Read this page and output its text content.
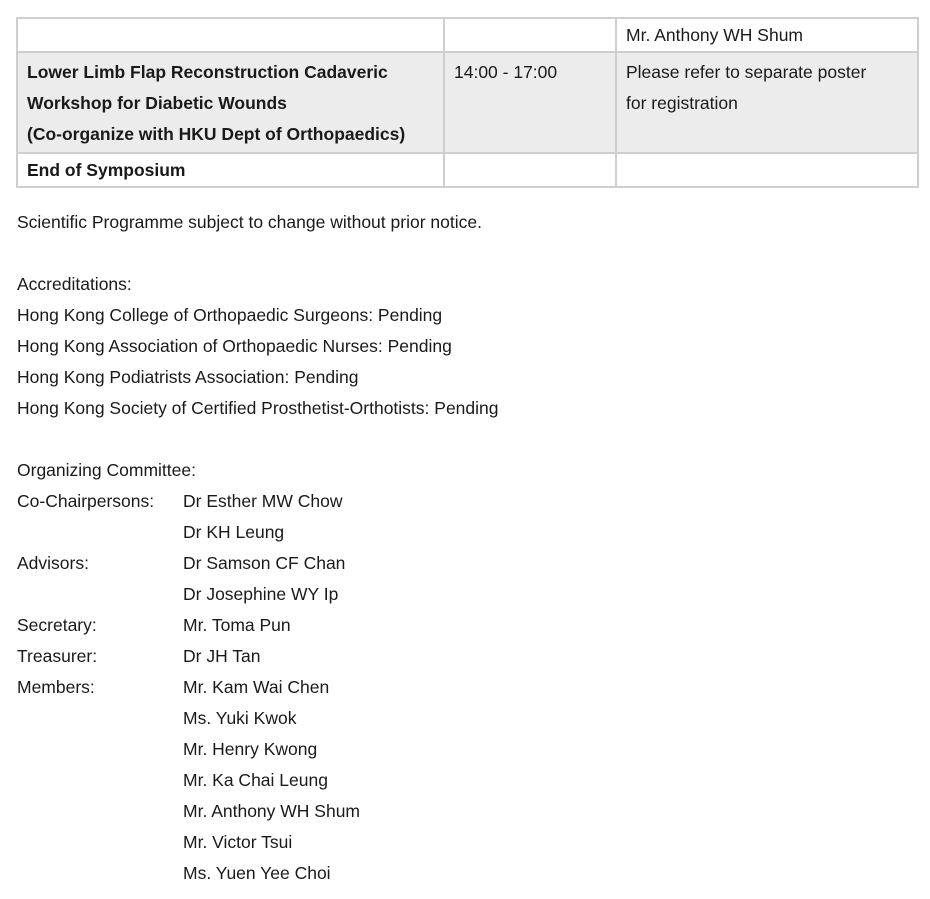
		Mr. Anthony WH Shum

Lower Limb Flap Reconstruction Cadaveric
Workshop for Diabetic Wounds
(Co-organize with HKU Dept of Orthopaedics)	14:00 - 17:00	Please refer to separate poster
for registration

End of Symposium		

Scientific Programme subject to change without prior notice.

Accreditations:

Hong Kong College of Orthopaedic Surgeons: Pending

Hong Kong Association of Orthopaedic Nurses: Pending

Hong Kong Podiatrists Association: Pending

Hong Kong Society of Certified Prosthetist-Orthotists: Pending

Organizing Committee:

Co-Chairpersons:	Dr Esther MW Chow
Dr KH Leung
Advisors:	Dr Samson CF Chan
Dr Josephine WY Ip
Secretary:	Mr. Toma Pun
Treasurer:	Dr JH Tan
Members:	Mr. Kam Wai Chen
Ms. Yuki Kwok
Mr. Henry Kwong
Mr. Ka Chai Leung
Mr. Anthony WH Shum
Mr. Victor Tsui
Ms. Yuen Yee Choi
